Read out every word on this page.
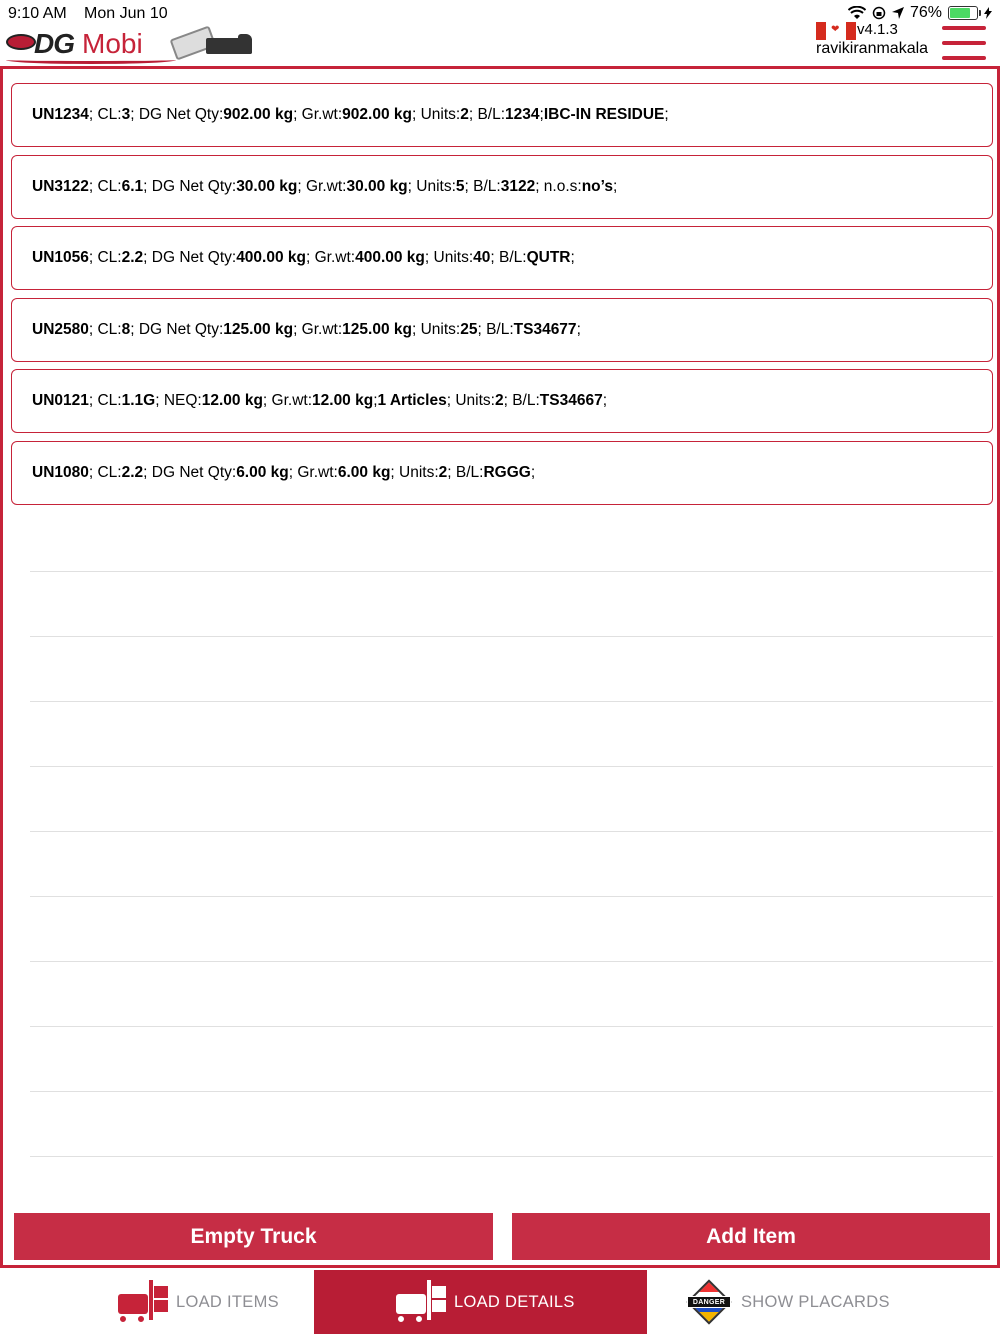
9:10 AM Mon Jun 10	76%
DG Mobi
❤	v4.1.3
ravikiranmakala
UN1234 ; CL: 3 ; DG Net Qty: 902.00 kg ; Gr.wt: 902.00 kg ; Units: 2 ; B/L: 1234 ; IBC-IN RESIDUE ;
UN3122 ; CL: 6.1 ; DG Net Qty: 30.00 kg ; Gr.wt: 30.00 kg ; Units: 5 ; B/L: 3122 ; n.o.s: no’s ;
UN1056 ; CL: 2.2 ; DG Net Qty: 400.00 kg ; Gr.wt: 400.00 kg ; Units: 40 ; B/L: QUTR ;
UN2580 ; CL: 8 ; DG Net Qty: 125.00 kg ; Gr.wt: 125.00 kg ; Units: 25 ; B/L: TS34677 ;
UN0121 ; CL: 1.1G ; NEQ: 12.00 kg ; Gr.wt: 12.00 kg ; 1 Articles ; Units: 2 ; B/L: TS34667 ;
UN1080 ; CL: 2.2 ; DG Net Qty: 6.00 kg ; Gr.wt: 6.00 kg ; Units: 2 ; B/L: RGGG ;
Empty Truck	Add Item
LOAD ITEMS	LOAD DETAILS	DANGER SHOW PLACARDS
